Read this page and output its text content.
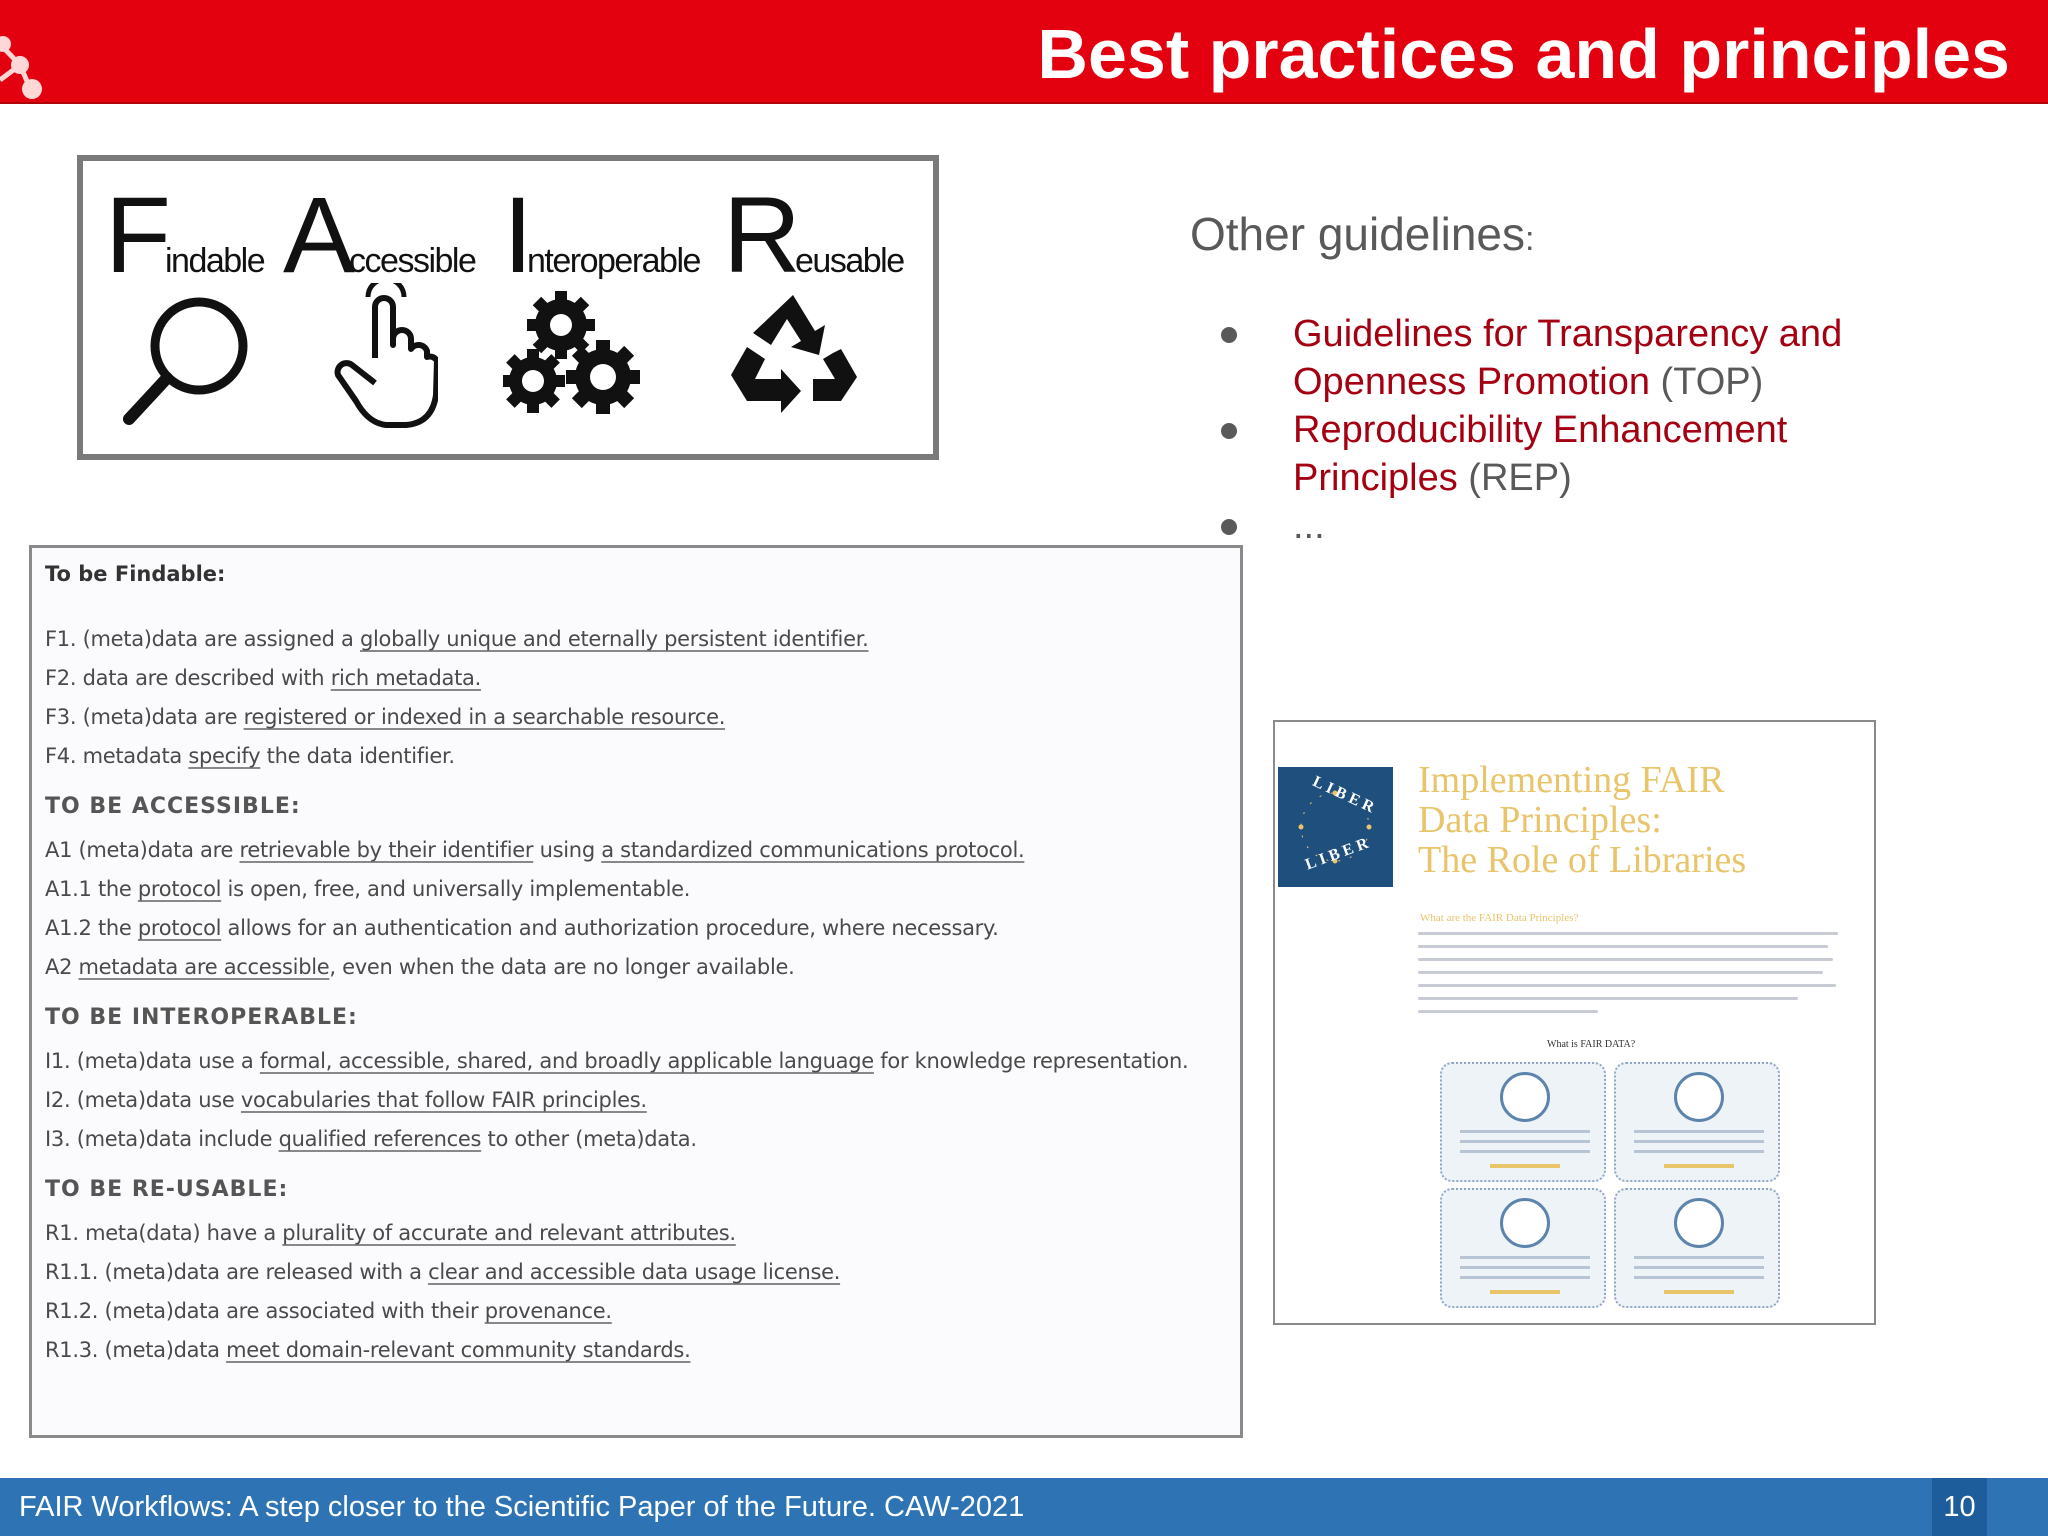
Best practices and principles
Findable Accessible Interoperable Reusable
Other guidelines:
Guidelines for Transparency and
Openness Promotion (TOP)
Reproducibility Enhancement
Principles (REP)
...
To be Findable:
F1. (meta)data are assigned a globally unique and eternally persistent identifier.
F2. data are described with rich metadata.
F3. (meta)data are registered or indexed in a searchable resource.
F4. metadata specify the data identifier.
TO BE ACCESSIBLE:
A1 (meta)data are retrievable by their identifier using a standardized communications protocol.
A1.1 the protocol is open, free, and universally implementable.
A1.2 the protocol allows for an authentication and authorization procedure, where necessary.
A2 metadata are accessible, even when the data are no longer available.
TO BE INTEROPERABLE:
I1. (meta)data use a formal, accessible, shared, and broadly applicable language for knowledge representation.
I2. (meta)data use vocabularies that follow FAIR principles.
I3. (meta)data include qualified references to other (meta)data.
TO BE RE-USABLE:
R1. meta(data) have a plurality of accurate and relevant attributes.
R1.1. (meta)data are released with a clear and accessible data usage license.
R1.2. (meta)data are associated with their provenance.
R1.3. (meta)data meet domain-relevant community standards.
LIBER
LIBER
Implementing FAIR
Data Principles:
The Role of Libraries
What are the FAIR Data Principles?
What is FAIR DATA?
FAIR Workflows: A step closer to the Scientific Paper of the Future. CAW-2021	10
